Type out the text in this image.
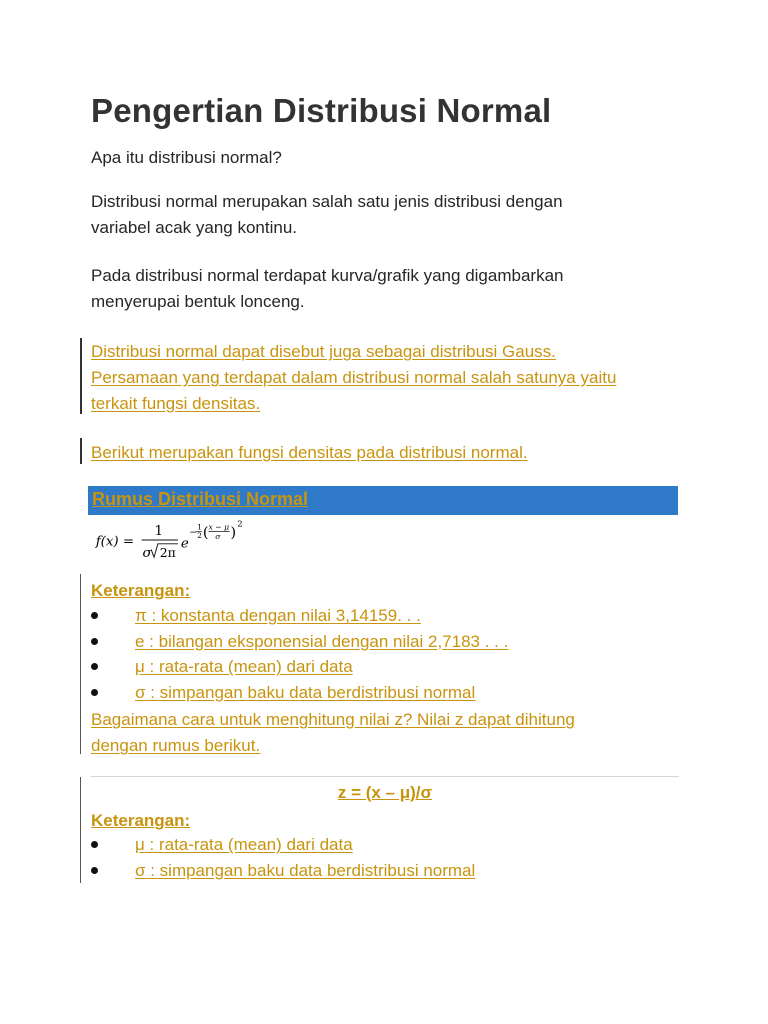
Pengertian Distribusi Normal

Apa itu distribusi normal?

Distribusi normal merupakan salah satu jenis distribusi dengan

variabel acak yang kontinu.

Pada distribusi normal terdapat kurva/grafik yang digambarkan

menyerupai bentuk lonceng.

Distribusi normal dapat disebut juga sebagai distribusi Gauss.

Persamaan yang terdapat dalam distribusi normal salah satunya yaitu

terkait fungsi densitas.

Berikut merupakan fungsi densitas pada distribusi normal.

Rumus Distribusi Normal
f(x) =
1
σ 2π
e
−
1
2 ( x − μ
σ )
2

Keterangan:

π : konstanta dengan nilai 3,14159. . .
e : bilangan eksponensial dengan nilai 2,7183 . . .
μ : rata-rata (mean) dari data
σ : simpangan baku data berdistribusi normal

Bagaimana cara untuk menghitung nilai z? Nilai z dapat dihitung

dengan rumus berikut.

z = (x – μ)/σ

Keterangan:

μ : rata-rata (mean) dari data
σ : simpangan baku data berdistribusi normal
